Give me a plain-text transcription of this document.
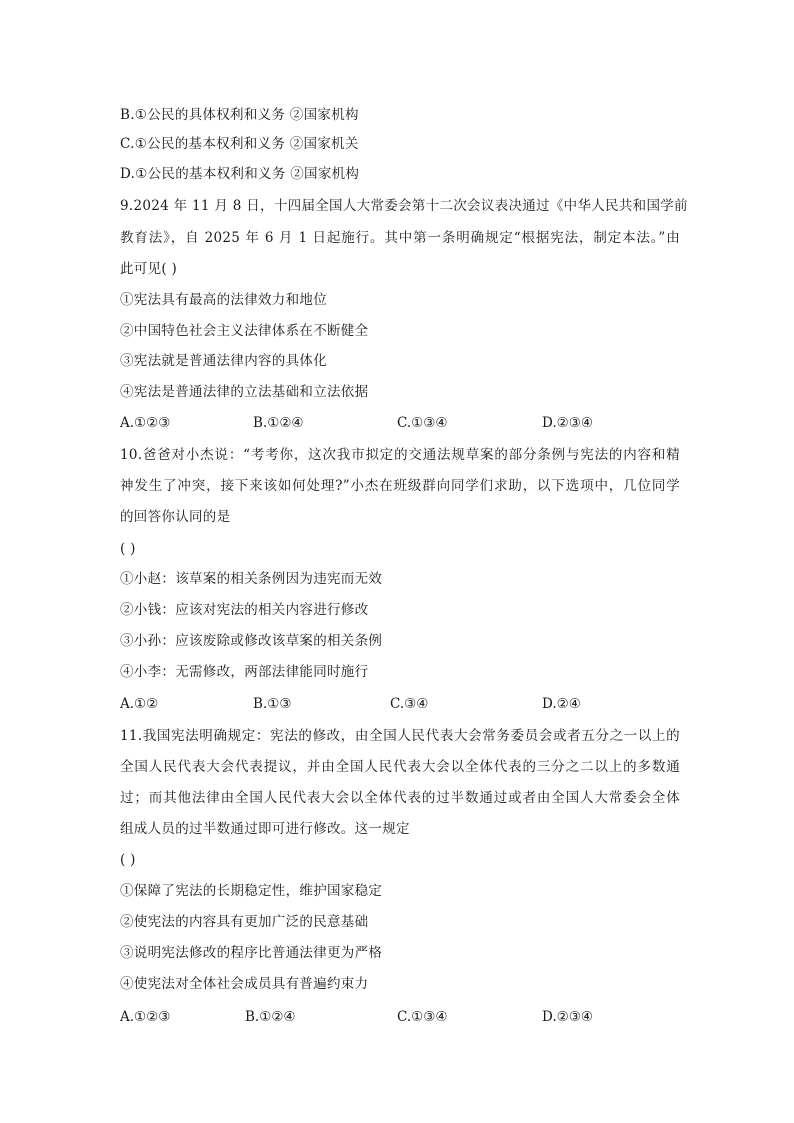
B.①公民的具体权利和义务 ②国家机构
C.①公民的基本权利和义务 ②国家机关
D.①公民的基本权利和义务 ②国家机构
9.2024 年 11 月 8 日，十四届全国人大常委会第十二次会议表决通过《中华人民共和国学前
教育法》，自 2025 年 6 月 1 日起施行。其中第一条明确规定“根据宪法，制定本法。”由
此可见( )
①宪法具有最高的法律效力和地位
②中国特色社会主义法律体系在不断健全
③宪法就是普通法律内容的具体化
④宪法是普通法律的立法基础和立法依据
A.①②③	B.①②④	C.①③④	D.②③④
10.爸爸对小杰说：“考考你，这次我市拟定的交通法规草案的部分条例与宪法的内容和精
神发生了冲突，接下来该如何处理?”小杰在班级群向同学们求助，以下选项中，几位同学
的回答你认同的是
( )
①小赵：该草案的相关条例因为违宪而无效
②小钱：应该对宪法的相关内容进行修改
③小孙：应该废除或修改该草案的相关条例
④小李：无需修改，两部法律能同时施行
A.①②	B.①③	C.③④	D.②④
11.我国宪法明确规定：宪法的修改，由全国人民代表大会常务委员会或者五分之一以上的
全国人民代表大会代表提议，并由全国人民代表大会以全体代表的三分之二以上的多数通
过；而其他法律由全国人民代表大会以全体代表的过半数通过或者由全国人大常委会全体
组成人员的过半数通过即可进行修改。这一规定
( )
①保障了宪法的长期稳定性，维护国家稳定
②使宪法的内容具有更加广泛的民意基础
③说明宪法修改的程序比普通法律更为严格
④使宪法对全体社会成员具有普遍约束力
A.①②③	B.①②④	C.①③④	D.②③④
